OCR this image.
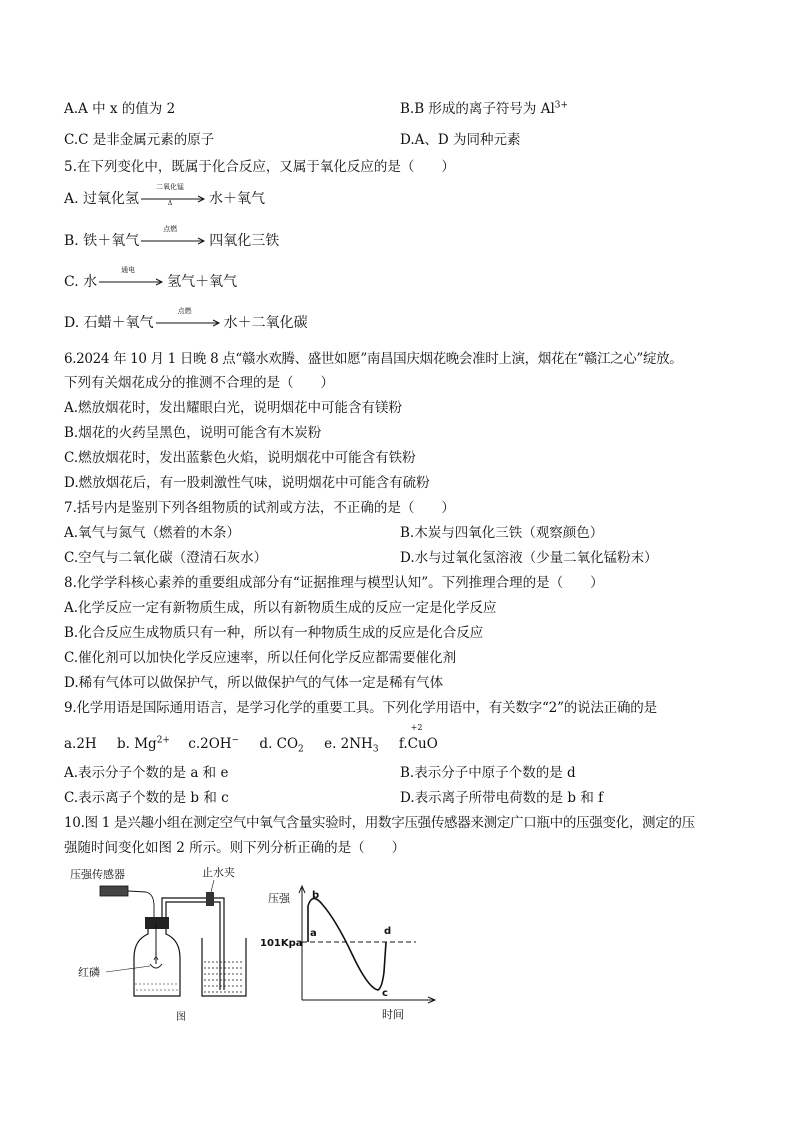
A.A 中 x 的值为 2	B.B 形成的离子符号为 $Al^{3+}$
C.C 是非金属元素的原子	D.A、D 为同种元素
5.在下列变化中，既属于化合反应，又属于氧化反应的是（　　）
A. 过氧化氢
二氧化锰
Δ	水＋氧气
B. 铁＋氧气
点燃
四氧化三铁
C. 水
通电
氢气＋氧气
D. 石蜡＋氧气
点燃
水＋二氧化碳
6.2024 年 10 月 1 日晚 8 点“赣水欢腾、盛世如愿”南昌国庆烟花晚会准时上演，烟花在“赣江之心”绽放。
下列有关烟花成分的推测不合理的是（　　）
A.燃放烟花时，发出耀眼白光，说明烟花中可能含有镁粉
B.烟花的火药呈黑色，说明可能含有木炭粉
C.燃放烟花时，发出蓝紫色火焰，说明烟花中可能含有铁粉
D.燃放烟花后，有一股刺激性气味，说明烟花中可能含有硫粉
7.括号内是鉴别下列各组物质的试剂或方法，不正确的是（　　）
A.氧气与氮气（燃着的木条）	B.木炭与四氧化三铁（观察颜色）
C.空气与二氧化碳（澄清石灰水）	D.水与过氧化氢溶液（少量二氧化锰粉末）
8.化学学科核心素养的重要组成部分有“证据推理与模型认知”。下列推理合理的是（　　）
A.化学反应一定有新物质生成，所以有新物质生成的反应一定是化学反应
B.化合反应生成物质只有一种，所以有一种物质生成的反应是化合反应
C.催化剂可以加快化学反应速率，所以任何化学反应都需要催化剂
D.稀有气体可以做保护气，所以做保护气的气体一定是稀有气体
9.化学用语是国际通用语言，是学习化学的重要工具。下列化学用语中，有关数字“2”的说法正确的是
a.2H b. $Mg^{2+}$ c.2OH− d. $CO_2$ e. $2NH_3$ f.
+2
CuO
A.表示分子个数的是 a 和 e	B.表示分子中原子个数的是 d
C.表示离子个数的是 b 和 c	D.表示离子所带电荷数的是 b 和 f
10.图 1 是兴趣小组在测定空气中氧气含量实验时，用数字压强传感器来测定广口瓶中的压强变化，测定的压
强随时间变化如图 2 所示。则下列分析正确的是（　　）
压强传感器
红磷
止水夹
图
压强
101Kpa
a
b
c
d
时间
